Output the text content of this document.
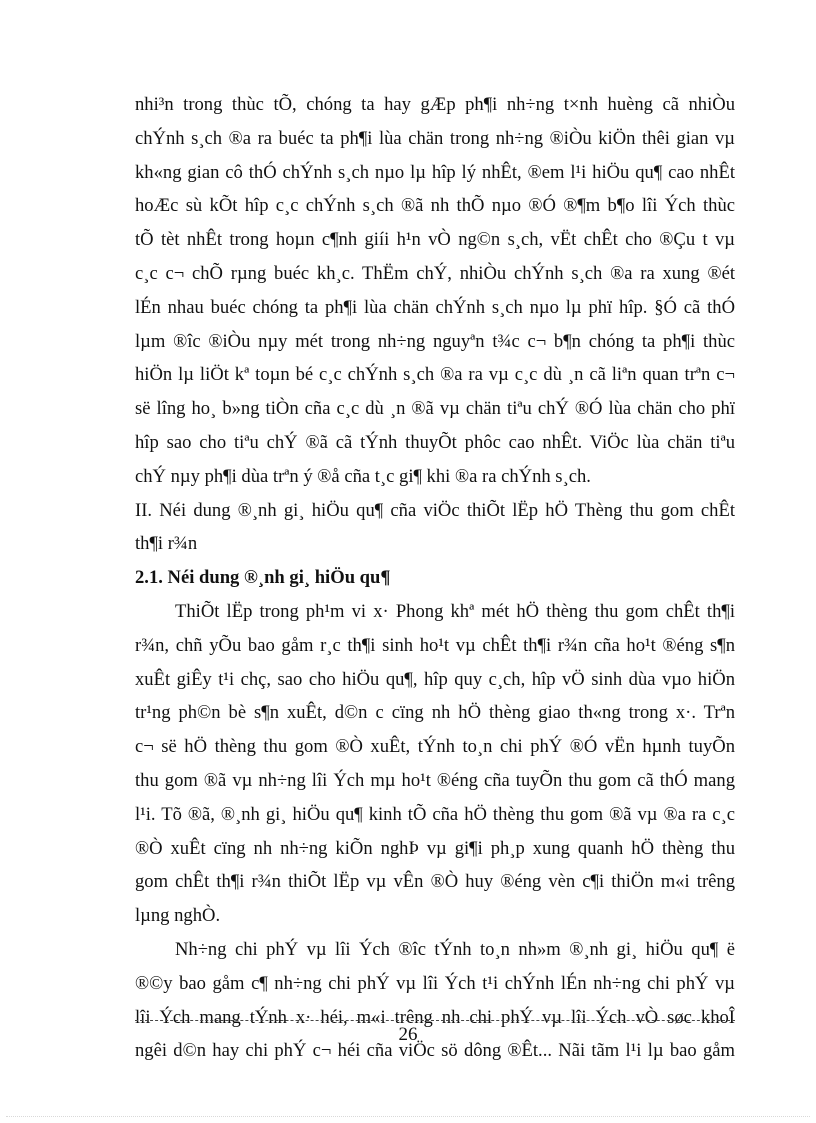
nhi³n trong thùc tÕ, chóng ta hay gÆp ph¶i nh÷ng t×nh huèng cã nhiÒu
chÝnh s¸ch ®a ra buéc ta ph¶i lùa chän trong nh÷ng ®iÒu kiÖn thêi gian vµ
kh«ng gian cô thÓ chÝnh s¸ch nµo lµ hîp lý nhÊt, ®em l¹i hiÖu qu¶ cao nhÊt
hoÆc sù kÕt hîp c¸c chÝnh s¸ch ®ã nh thÕ nµo ®Ó ®¶m b¶o lîi Ých thùc
tÕ tèt nhÊt trong hoµn c¶nh giíi h¹n vÒ ng©n s¸ch, vËt chÊt cho ®Çu t vµ
c¸c c¬ chÕ rµng buéc kh¸c. ThËm chÝ, nhiÒu chÝnh s¸ch ®a ra xung ®ét
lÉn nhau buéc chóng ta ph¶i lùa chän chÝnh s¸ch nµo lµ phï hîp. §Ó cã thÓ
lµm ®îc ®iÒu nµy mét trong nh÷ng nguyªn t¾c c¬ b¶n chóng ta ph¶i thùc
hiÖn lµ liÖt kª toµn bé c¸c chÝnh s¸ch ®a ra vµ c¸c dù ¸n cã liªn quan trªn c¬
së lîng ho¸ b»ng tiÒn cña c¸c dù ¸n ®ã vµ chän tiªu chÝ ®Ó lùa chän cho phï
hîp sao cho tiªu chÝ ®ã cã tÝnh thuyÕt phôc cao nhÊt. ViÖc lùa chän tiªu
chÝ nµy ph¶i dùa trªn ý ®å cña t¸c gi¶ khi ®a ra chÝnh s¸ch.
II. Néi dung ®¸nh gi¸ hiÖu qu¶ cña viÖc thiÕt lËp hÖ Thèng thu gom chÊt
th¶i r¾n
2.1. Néi dung ®¸nh gi¸ hiÖu qu¶
ThiÕt lËp trong ph¹m vi x· Phong khª mét hÖ thèng thu gom chÊt th¶i
r¾n, chñ yÕu bao gåm r¸c th¶i sinh ho¹t vµ chÊt th¶i r¾n cña ho¹t ®éng s¶n
xuÊt giÊy t¹i chç, sao cho hiÖu qu¶, hîp quy c¸ch, hîp vÖ sinh dùa vµo hiÖn
tr¹ng ph©n bè s¶n xuÊt, d©n c cïng nh hÖ thèng giao th«ng trong x·. Trªn
c¬ së hÖ thèng thu gom ®Ò xuÊt, tÝnh to¸n chi phÝ ®Ó vËn hµnh tuyÕn
thu gom ®ã vµ nh÷ng lîi Ých mµ ho¹t ®éng cña tuyÕn thu gom cã thÓ mang
l¹i. Tõ ®ã, ®¸nh gi¸ hiÖu qu¶ kinh tÕ cña hÖ thèng thu gom ®ã vµ ®a ra c¸c
®Ò xuÊt cïng nh nh÷ng kiÕn nghÞ vµ gi¶i ph¸p xung quanh hÖ thèng thu
gom chÊt th¶i r¾n thiÕt lËp vµ vÊn ®Ò huy ®éng vèn c¶i thiÖn m«i trêng
lµng nghÒ.
Nh÷ng chi phÝ vµ lîi Ých ®îc tÝnh to¸n nh»m ®¸nh gi¸ hiÖu qu¶ ë
®©y bao gåm c¶ nh÷ng chi phÝ vµ lîi Ých t¹i chÝnh lÉn nh÷ng chi phÝ vµ
lîi Ých mang tÝnh x· héi, m«i trêng nh chi phÝ vµ lîi Ých vÒ søc khoÎ
ngêi d©n hay chi phÝ c¬ héi cña viÖc sö dông ®Êt... Nãi tãm l¹i lµ bao gåm
26
